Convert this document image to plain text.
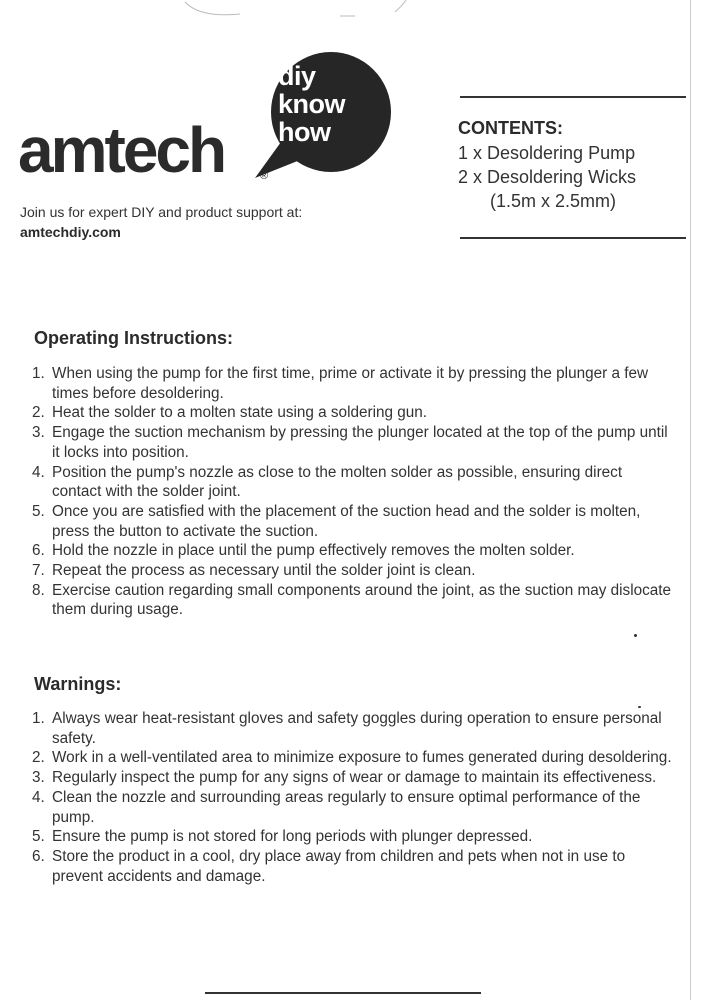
diy
know
how
amtech	®
Join us for expert DIY and product support at:
amtechdiy.com
CONTENTS:
1 x Desoldering Pump
2 x Desoldering Wicks
(1.5m x 2.5mm)
Operating Instructions:
1. When using the pump for the first time, prime or activate it by pressing the plunger a few times before desoldering.
2. Heat the solder to a molten state using a soldering gun.
3. Engage the suction mechanism by pressing the plunger located at the top of the pump until it locks into position.
4. Position the pump's nozzle as close to the molten solder as possible, ensuring direct contact with the solder joint.
5. Once you are satisfied with the placement of the suction head and the solder is molten, press the button to activate the suction.
6. Hold the nozzle in place until the pump effectively removes the molten solder.
7. Repeat the process as necessary until the solder joint is clean.
8. Exercise caution regarding small components around the joint, as the suction may dislocate them during usage.
Warnings:
1. Always wear heat-resistant gloves and safety goggles during operation to ensure personal safety.
2. Work in a well-ventilated area to minimize exposure to fumes generated during desoldering.
3. Regularly inspect the pump for any signs of wear or damage to maintain its effectiveness.
4. Clean the nozzle and surrounding areas regularly to ensure optimal performance of the pump.
5. Ensure the pump is not stored for long periods with plunger depressed.
6. Store the product in a cool, dry place away from children and pets when not in use to prevent accidents and damage.
